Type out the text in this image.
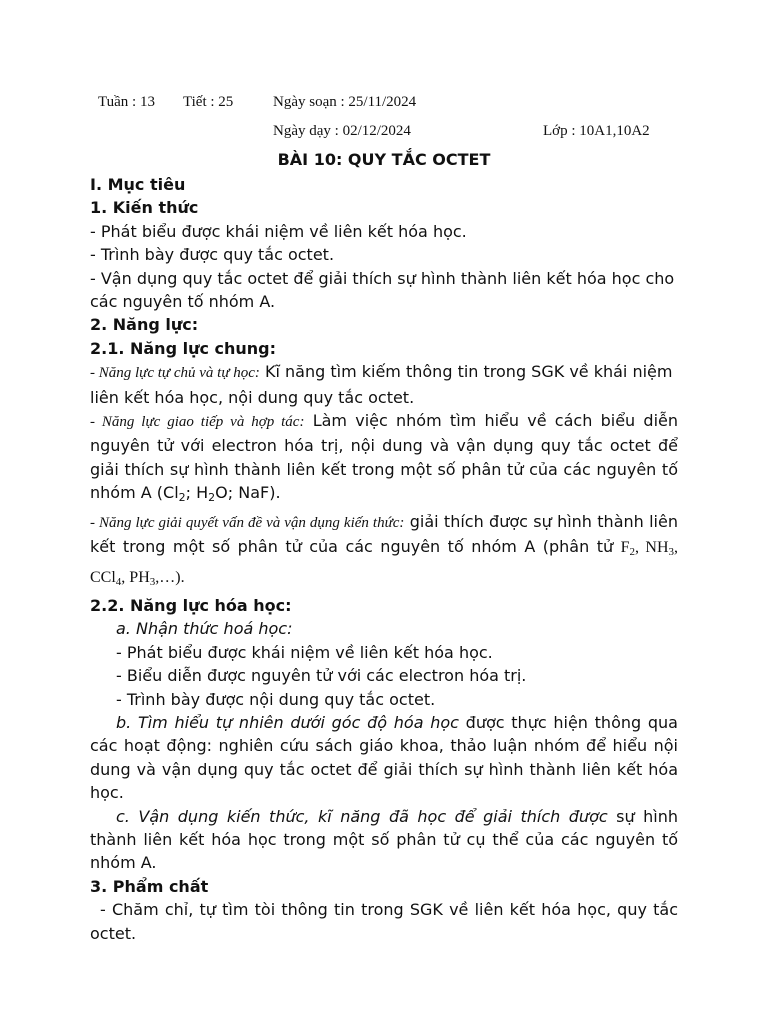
Tuần : 13 Tiết : 25	Ngày soạn : 25/11/2024
Ngày dạy : 02/12/2024	Lớp : 10A1,10A2
BÀI 10: QUY TẮC OCTET

I. Mục tiêu

1. Kiến thức

- Phát biểu được khái niệm về liên kết hóa học.

- Trình bày được quy tắc octet.

- Vận dụng quy tắc octet để giải thích sự hình thành liên kết hóa học cho các nguyên tố nhóm A.

2. Năng lực:

2.1. Năng lực chung:

- Năng lực tự chủ và tự học: Kĩ năng tìm kiếm thông tin trong SGK về khái niệm liên kết hóa học, nội dung quy tắc octet.

- Năng lực giao tiếp và hợp tác: Làm việc nhóm tìm hiểu về cách biểu diễn nguyên tử với electron hóa trị, nội dung và vận dụng quy tắc octet để giải thích sự hình thành liên kết trong một số phân tử của các nguyên tố nhóm A ($Cl_2$; $H_2O$; NaF).

- Năng lực giải quyết vấn đề và vận dụng kiến thức: giải thích được sự hình thành liên kết trong một số phân tử của các nguyên tố nhóm A (phân tử $F_2$, $NH_3$, CCl$_4$, $PH_3,\dots$).

2.2. Năng lực hóa học:

a. Nhận thức hoá học:

- Phát biểu được khái niệm về liên kết hóa học.

- Biểu diễn được nguyên tử với các electron hóa trị.

- Trình bày được nội dung quy tắc octet.

b. Tìm hiểu tự nhiên dưới góc độ hóa học được thực hiện thông qua các hoạt động: nghiên cứu sách giáo khoa, thảo luận nhóm để hiểu nội dung và vận dụng quy tắc octet để giải thích sự hình thành liên kết hóa học.

c. Vận dụng kiến thức, kĩ năng đã học để giải thích được sự hình thành liên kết hóa học trong một số phân tử cụ thể của các nguyên tố nhóm A.

3. Phẩm chất

- Chăm chỉ, tự tìm tòi thông tin trong SGK về liên kết hóa học, quy tắc octet.
